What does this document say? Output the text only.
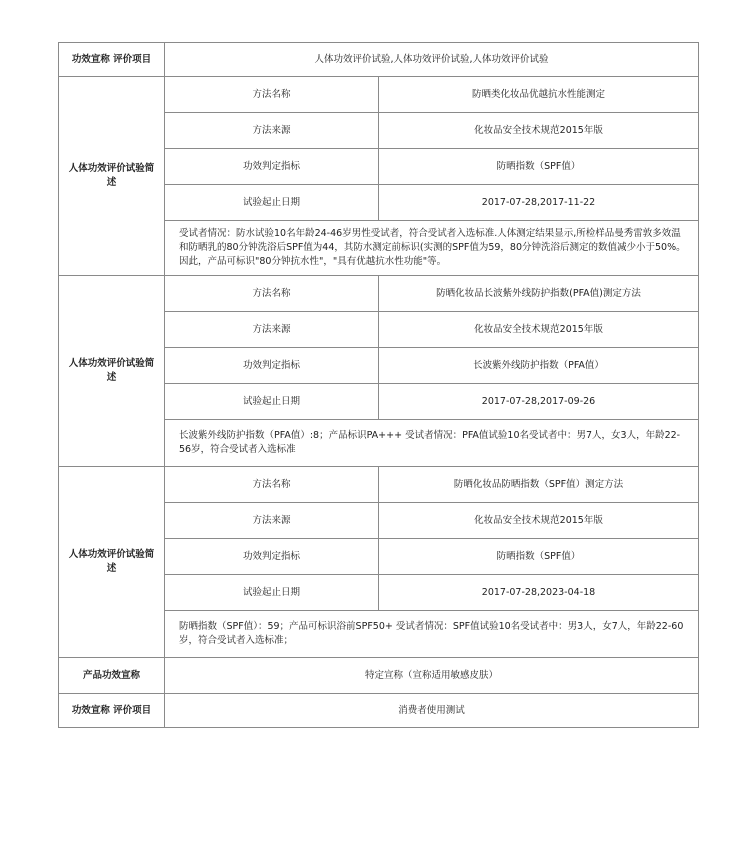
功效宣称 评价项目	人体功效评价试验,人体功效评价试验,人体功效评价试验	
人体功效评价试验简述	方法名称	防晒类化妆品优越抗水性能测定
	方法来源	化妆品安全技术规范2015年版
	功效判定指标	防晒指数（SPF值）
	试验起止日期	2017-07-28,2017-11-22
	受试者情况：防水试验10名年龄24-46岁男性受试者，符合受试者入选标准.人体测定结果显示,所检样品曼秀雷敦多效温和防晒乳的80分钟洗浴后SPF值为44，其防水测定前标识(实测的SPF值为59，80分钟洗浴后测定的数值减少小于50%。因此，产品可标识"80分钟抗水性"，"具有优越抗水性功能"等。	
人体功效评价试验简述	方法名称	防晒化妆品长波紫外线防护指数(PFA值)测定方法
	方法来源	化妆品安全技术规范2015年版
	功效判定指标	长波紫外线防护指数（PFA值）
	试验起止日期	2017-07-28,2017-09-26
	长波紫外线防护指数（PFA值）:8；产品标识PA+++ 受试者情况：PFA值试验10名受试者中：男7人，女3人，年龄22-56岁，符合受试者入选标准	
人体功效评价试验简述	方法名称	防晒化妆品防晒指数（SPF值）测定方法
	方法来源	化妆品安全技术规范2015年版
	功效判定指标	防晒指数（SPF值）
	试验起止日期	2017-07-28,2023-04-18
	防晒指数（SPF值）：59；产品可标识浴前SPF50+ 受试者情况：SPF值试验10名受试者中：男3人，女7人，年龄22-60岁，符合受试者入选标准；	
产品功效宣称	特定宣称（宣称适用敏感皮肤）	
功效宣称 评价项目	消费者使用测试	
